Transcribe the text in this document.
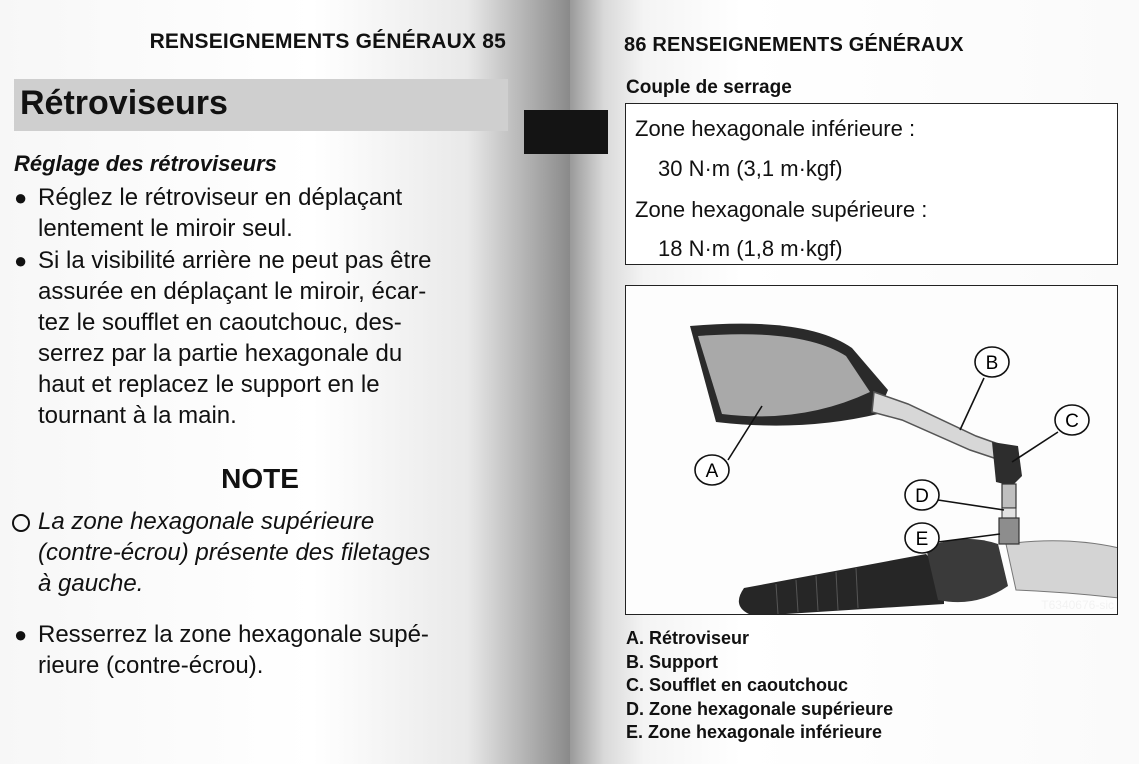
RENSEIGNEMENTS GÉNÉRAUX 85
Rétroviseurs
Réglage des rétroviseurs
● Réglez le rétroviseur en déplaçant
lentement le miroir seul.
● Si la visibilité arrière ne peut pas être
assurée en déplaçant le miroir, écar-
tez le soufflet en caoutchouc, des-
serrez par la partie hexagonale du
haut et replacez le support en le
tournant à la main.
NOTE
La zone hexagonale supérieure
(contre-écrou) présente des filetages
à gauche.
● Resserrez la zone hexagonale supé-
rieure (contre-écrou).
86 RENSEIGNEMENTS GÉNÉRAUX
Couple de serrage
Zone hexagonale inférieure :
30 N·m (3,1 m·kgf)
Zone hexagonale supérieure :
18 N·m (1,8 m·kgf)
A
B
C
D
E
T6340676-sic
A. Rétroviseur
B. Support
C. Soufflet en caoutchouc
D. Zone hexagonale supérieure
E. Zone hexagonale inférieure
